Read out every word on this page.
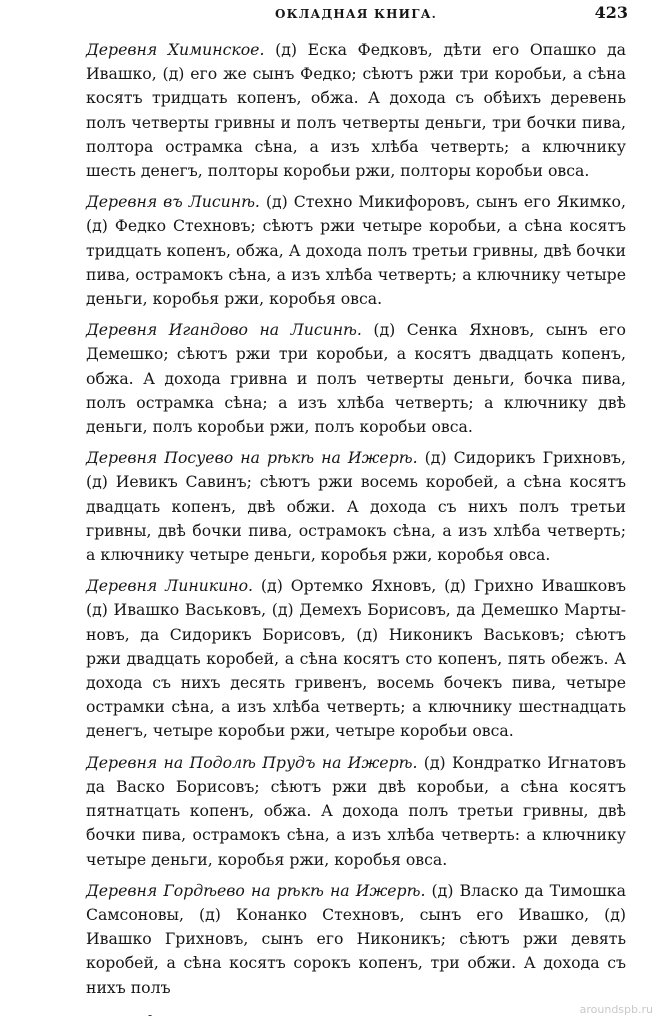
ОКЛАДНАЯ КНИГА.	423

Деревня Химинское. (д) Еска Федковъ, дѣти его Опашко да Ивашко, (д) его же сынъ Федко; сѣютъ ржи три коробьи, а сѣна косятъ тридцать копенъ, обжа. А дохода съ обѣихъ деревень полъ четверты гривны и полъ четверты деньги, три бочки пива, полтора острамка сѣна, а изъ хлѣба четверть; а ключнику шесть денегъ, полторы коробьи ржи, полторы коробьи овса.

Деревня въ Лисинѣ. (д) Стехно Микифоровъ, сынъ его Якимко, (д) Федко Стехновъ; сѣютъ ржи четыре коробьи, а сѣна косятъ тридцать копенъ, обжа, А дохода полъ третьи гривны, двѣ бочки пива, острамокъ сѣна, а изъ хлѣба четверть; а ключнику четыре деньги, коробья ржи, коробья овса.

Деревня Игандово на Лисинѣ. (д) Сенка Яхновъ, сынъ его Демешко; сѣютъ ржи три коробьи, а косятъ двадцать копенъ, обжа. А дохода гривна и полъ четверты деньги, бочка пива, полъ острамка сѣна; а изъ хлѣба четверть; а ключнику двѣ деньги, полъ коробьи ржи, полъ коробьи овса.

Деревня Посуево на рѣкѣ на Ижерѣ. (д) Сидорикъ Грихновъ, (д) Иевикъ Савинъ; сѣютъ ржи восемь коробей, а сѣна косятъ двадцать копенъ, двѣ обжи. А дохода съ нихъ полъ третьи гривны, двѣ бочки пива, острамокъ сѣна, а изъ хлѣба четверть; а ключнику четыре деньги, коробья ржи, коробья овса.

Деревня Линикино. (д) Ортемко Яхновъ, (д) Грихно Ивашковъ (д) Ивашко Васьковъ, (д) Демехъ Борисовъ, да Демешко Марты-новъ, да Сидорикъ Борисовъ, (д) Никоникъ Васьковъ; сѣютъ ржи двадцать коробей, а сѣна косятъ сто копенъ, пять обежъ. А дохода съ нихъ десять гривенъ, восемь бочекъ пива, четыре острамки сѣна, а изъ хлѣба четверть; а ключнику шестнадцать денегъ, четыре коробьи ржи, четыре коробьи овса.

Деревня на Подолѣ Прудъ на Ижерѣ. (д) Кондратко Игнатовъ да Васко Борисовъ; сѣютъ ржи двѣ коробьи, а сѣна косятъ пятнатцать копенъ, обжа. А дохода полъ третьи гривны, двѣ бочки пива, острамокъ сѣна, а изъ хлѣба четверть: а ключнику четыре деньги, коробья ржи, коробья овса.

Деревня Гордѣево на рѣкѣ на Ижерѣ. (д) Власко да Тимошка Самсоновы, (д) Конанко Стехновъ, сынъ его Ивашко, (д) Ивашко Грихновъ, сынъ его Никоникъ; сѣютъ ржи девять коробей, а сѣна косятъ сорокъ копенъ, три обжи. А дохода съ нихъ полъ

-	aroundspb.ru
